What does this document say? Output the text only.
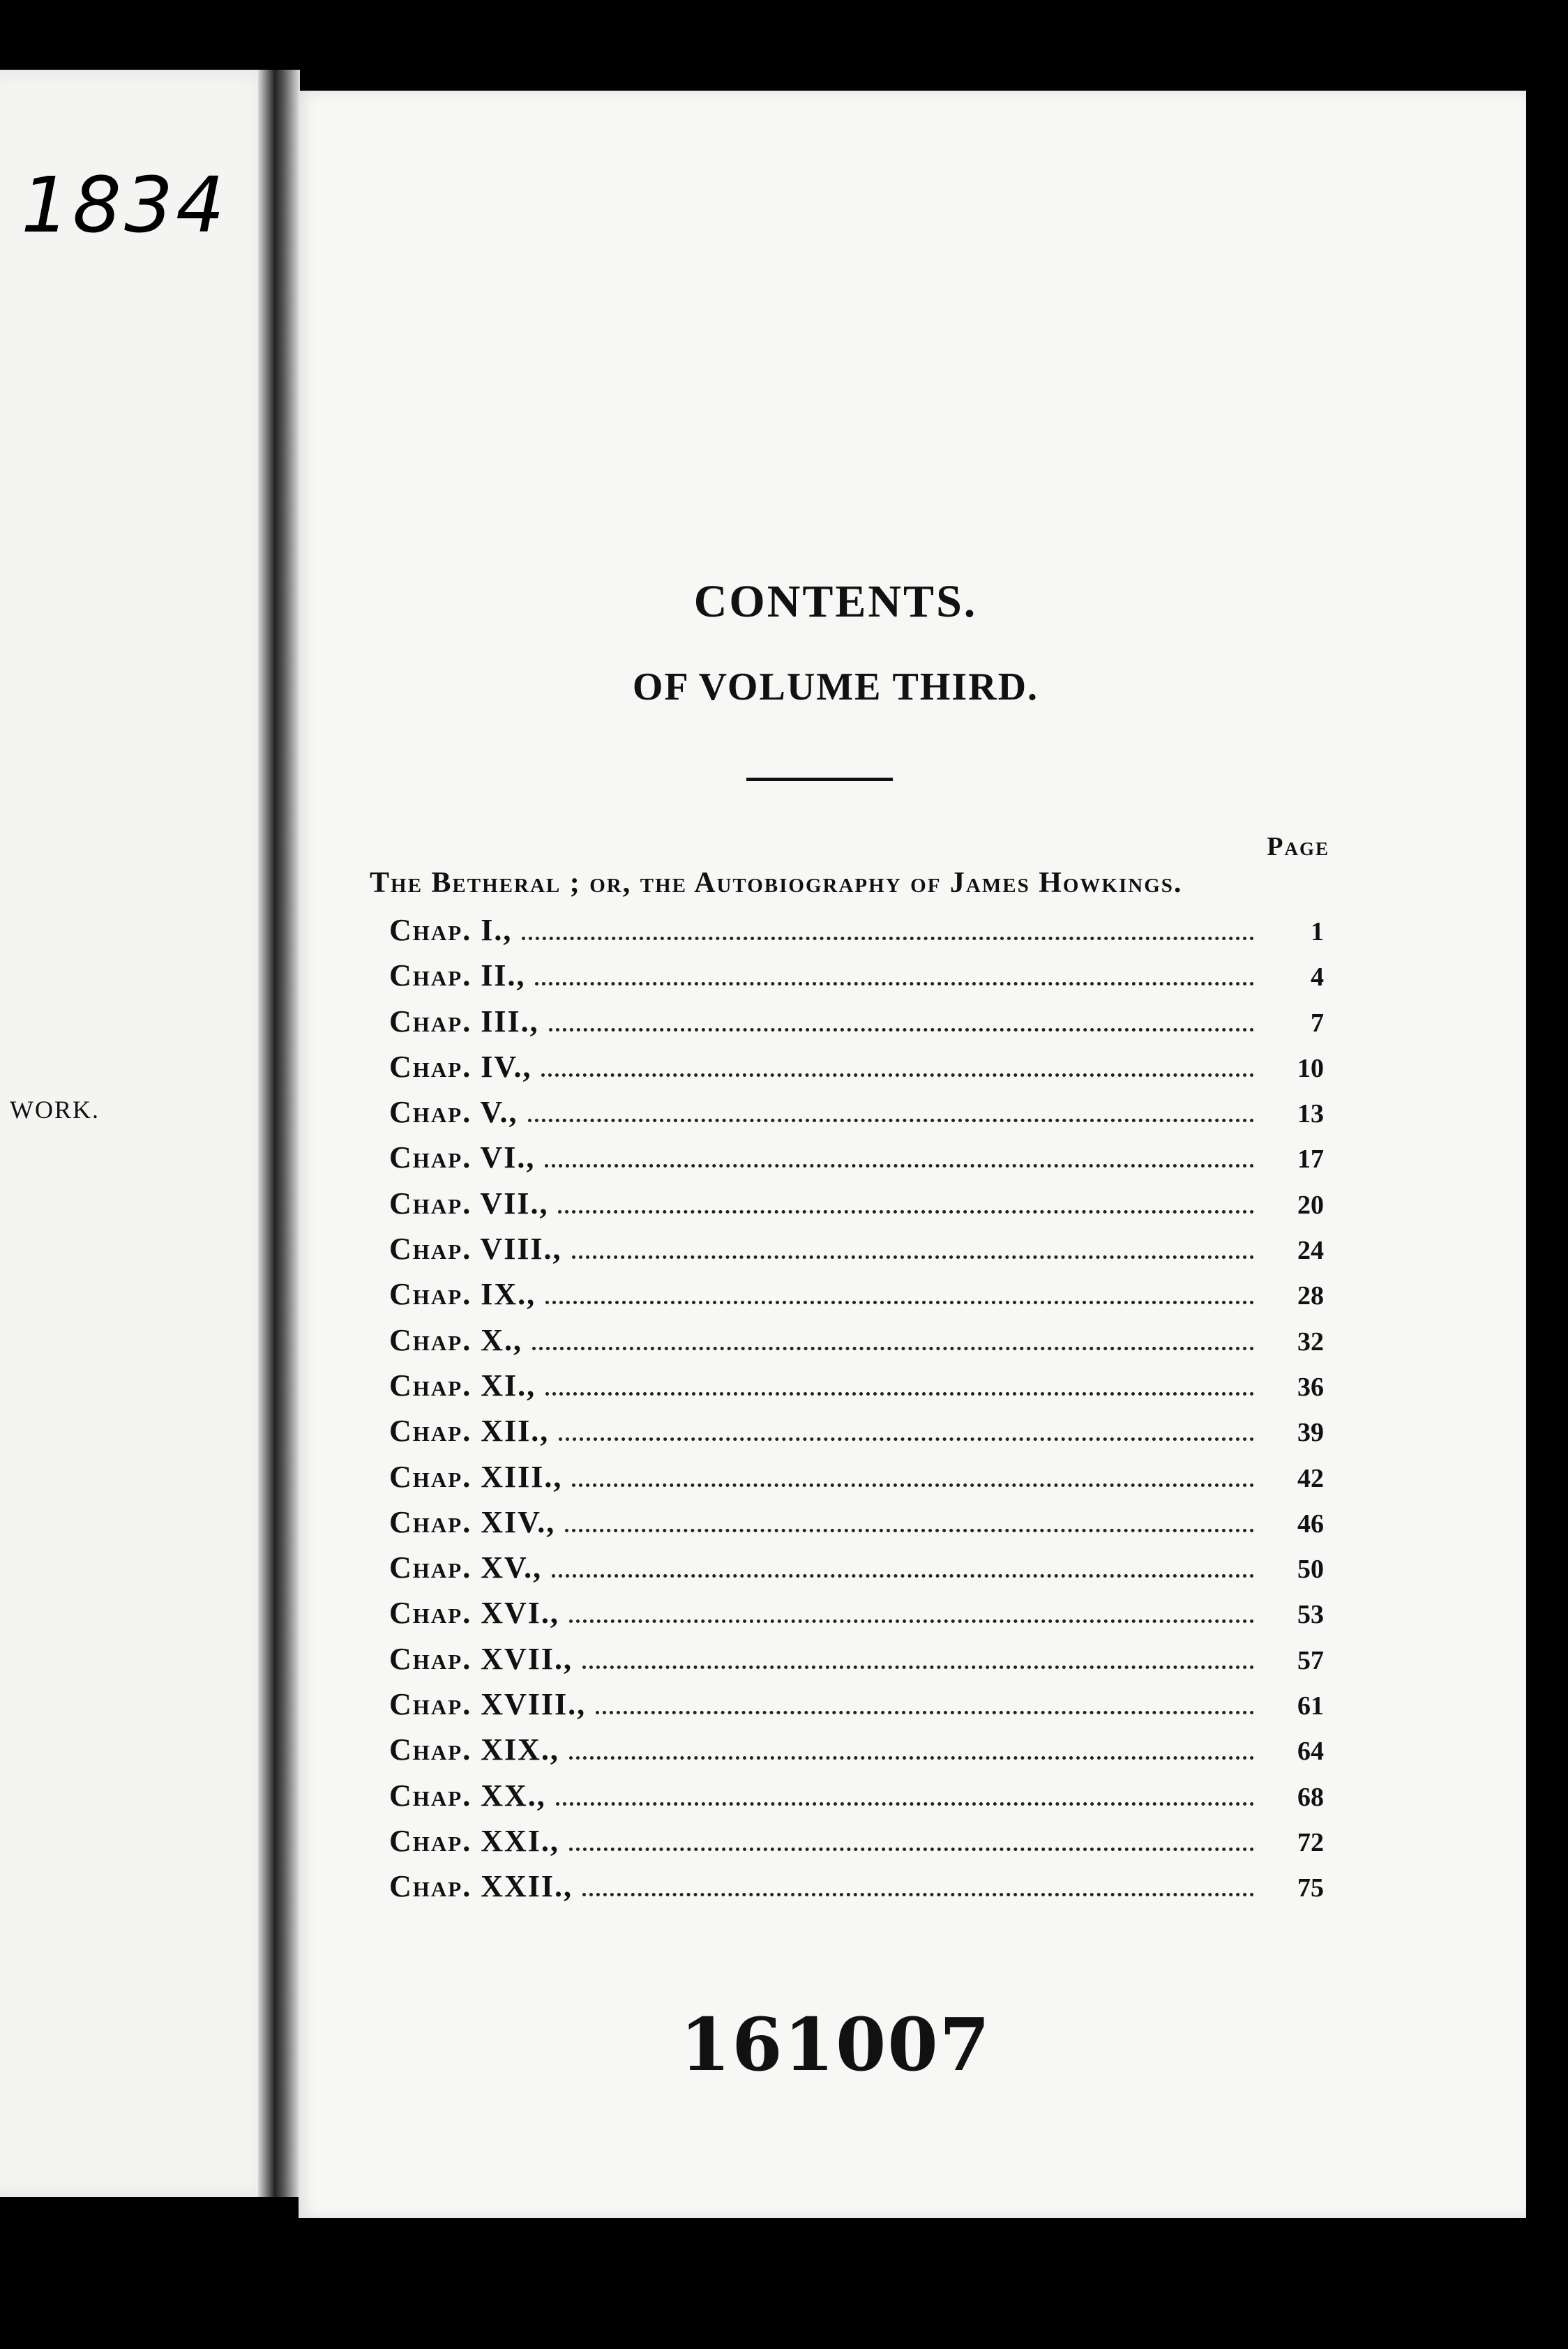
1834

WORK.
CONTENTS.
OF VOLUME THIRD.
Page
The Betheral ; or, the Autobiography of James Howkings.
Chap. I.,	1
Chap. II.,	4
Chap. III.,	7
Chap. IV.,	10
Chap. V.,	13
Chap. VI.,	17
Chap. VII.,	20
Chap. VIII.,	24
Chap. IX.,	28
Chap. X.,	32
Chap. XI.,	36
Chap. XII.,	39
Chap. XIII.,	42
Chap. XIV.,	46
Chap. XV.,	50
Chap. XVI.,	53
Chap. XVII.,	57
Chap. XVIII.,	61
Chap. XIX.,	64
Chap. XX.,	68
Chap. XXI.,	72
Chap. XXII.,	75
161007
